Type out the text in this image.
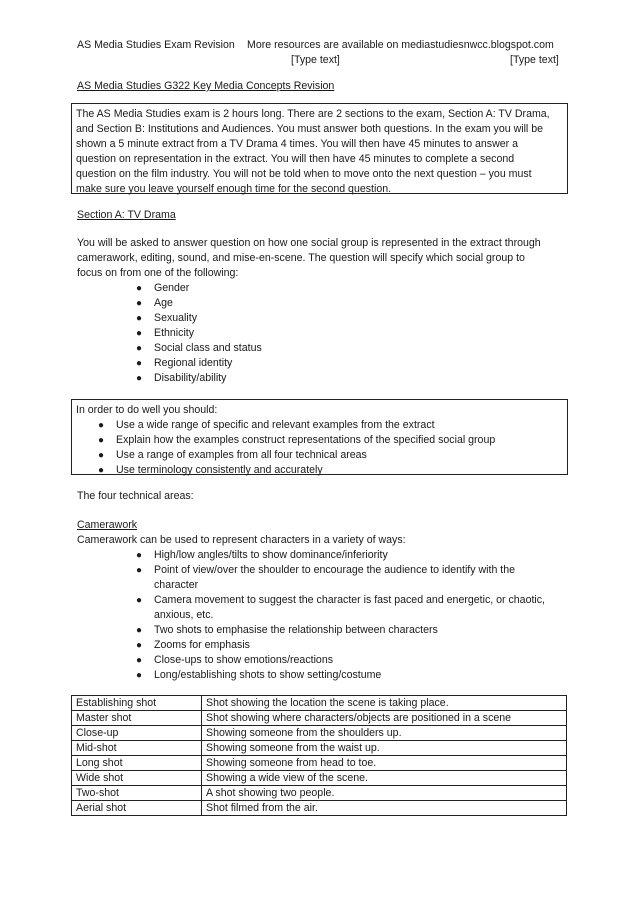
AS Media Studies Exam Revision More resources are available on mediastudiesnwcc.blogspot.com
[Type text]	[Type text]
AS Media Studies G322 Key Media Concepts Revision

The AS Media Studies exam is 2 hours long. There are 2 sections to the exam, Section A: TV Drama,

and Section B: Institutions and Audiences. You must answer both questions. In the exam you will be

shown a 5 minute extract from a TV Drama 4 times. You will then have 45 minutes to answer a

question on representation in the extract. You will then have 45 minutes to complete a second

question on the film industry. You will not be told when to move onto the next question – you must

make sure you leave yourself enough time for the second question.

Section A: TV Drama

You will be asked to answer question on how one social group is represented in the extract through

camerawork, editing, sound, and mise-en-scene. The question will specify which social group to

focus on from one of the following:

● Gender
● Age
● Sexuality
● Ethnicity
● Social class and status
● Regional identity
● Disability/ability

In order to do well you should:

● Use a wide range of specific and relevant examples from the extract
● Explain how the examples construct representations of the specified social group
● Use a range of examples from all four technical areas
● Use terminology consistently and accurately
The four technical areas:
Camerawork
Camerawork can be used to represent characters in a variety of ways:
● High/low angles/tilts to show dominance/inferiority
● Point of view/over the shoulder to encourage the audience to identify with the character
● Camera movement to suggest the character is fast paced and energetic, or chaotic, anxious, etc.
● Two shots to emphasise the relationship between characters
● Zooms for emphasis
● Close-ups to show emotions/reactions
● Long/establishing shots to show setting/costume
Establishing shot	Shot showing the location the scene is taking place.
Master shot	Shot showing where characters/objects are positioned in a scene
Close-up	Showing someone from the shoulders up.
Mid-shot	Showing someone from the waist up.
Long shot	Showing someone from head to toe.
Wide shot	Showing a wide view of the scene.
Two-shot	A shot showing two people.
Aerial shot	Shot filmed from the air.
